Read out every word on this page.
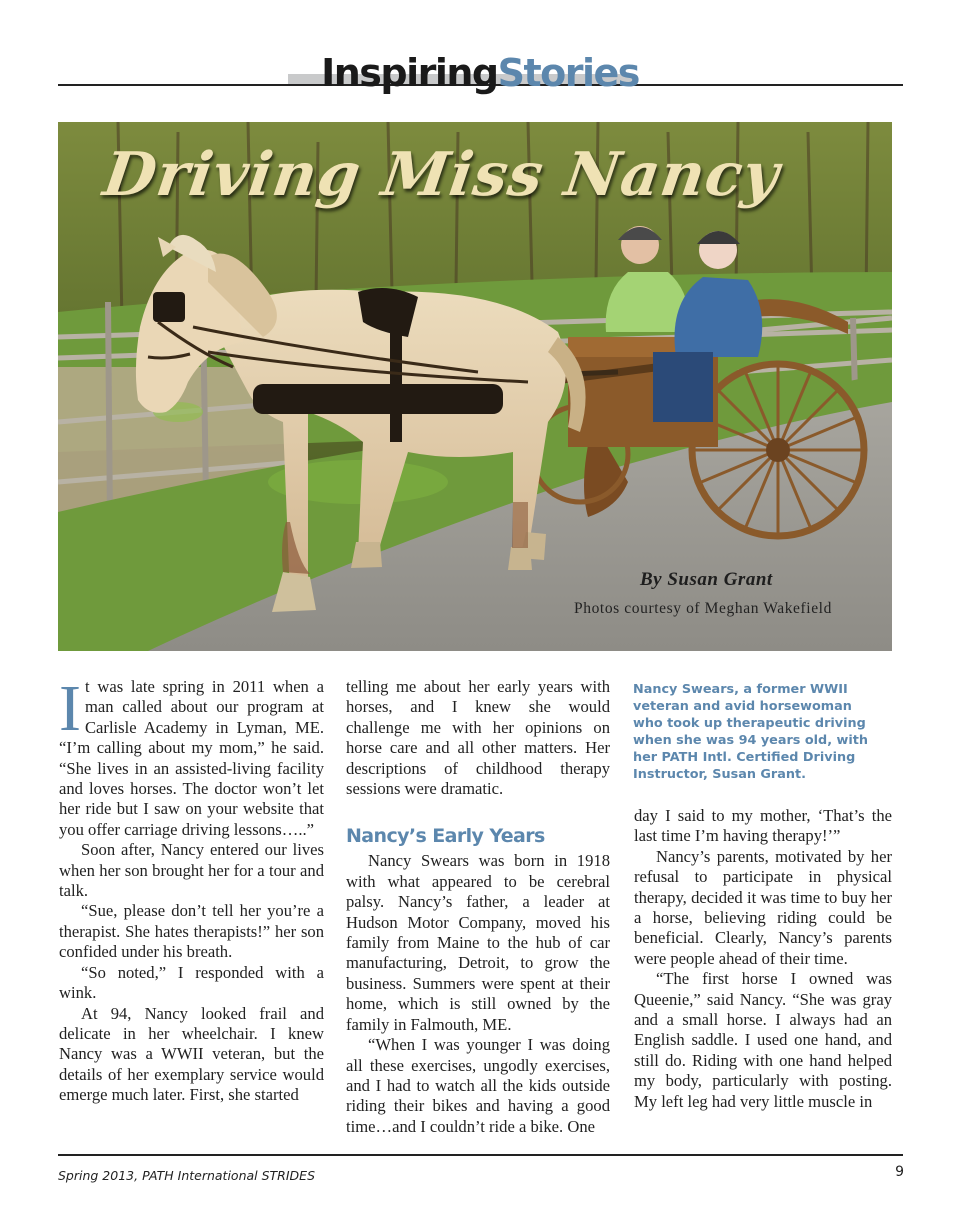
InspiringStories
Driving Miss Nancy
By Susan Grant
Photos courtesy of Meghan Wakefield

It was late spring in 2011 when a man called about our program at Carlisle Academy in Lyman, ME. “I’m calling about my mom,” he said. “She lives in an assisted-living facility and loves horses. The doctor won’t let her ride but I saw on your website that you offer carriage driving lessons…..”

Soon after, Nancy entered our lives when her son brought her for a tour and talk.

“Sue, please don’t tell her you’re a therapist. She hates therapists!” her son confided under his breath.

“So noted,” I responded with a wink.

At 94, Nancy looked frail and delicate in her wheelchair. I knew Nancy was a WWII veteran, but the details of her exemplary service would emerge much later. First, she started

telling me about her early years with horses, and I knew she would challenge me with her opinions on horse care and all other matters. Her descriptions of childhood therapy sessions were dramatic.

Nancy’s Early Years

Nancy Swears was born in 1918 with what appeared to be cerebral palsy. Nancy’s father, a leader at Hudson Motor Company, moved his family from Maine to the hub of car manufacturing, Detroit, to grow the business. Summers were spent at their home, which is still owned by the family in Falmouth, ME.

“When I was younger I was doing all these exercises, ungodly exercises, and I had to watch all the kids outside riding their bikes and having a good time…and I couldn’t ride a bike. One

Nancy Swears, a former WWII veteran and avid horsewoman who took up therapeutic driving when she was 94 years old, with her PATH Intl. Certified Driving Instructor, Susan Grant.

day I said to my mother, ‘That’s the last time I’m having therapy!’”

Nancy’s parents, motivated by her refusal to participate in physical therapy, decided it was time to buy her a horse, believing riding could be beneficial. Clearly, Nancy’s parents were people ahead of their time.

“The first horse I owned was Queenie,” said Nancy. “She was gray and a small horse. I always had an English saddle. I used one hand, and still do. Riding with one hand helped my body, particularly with posting. My left leg had very little muscle in

Spring 2013, PATH International STRIDES	9
